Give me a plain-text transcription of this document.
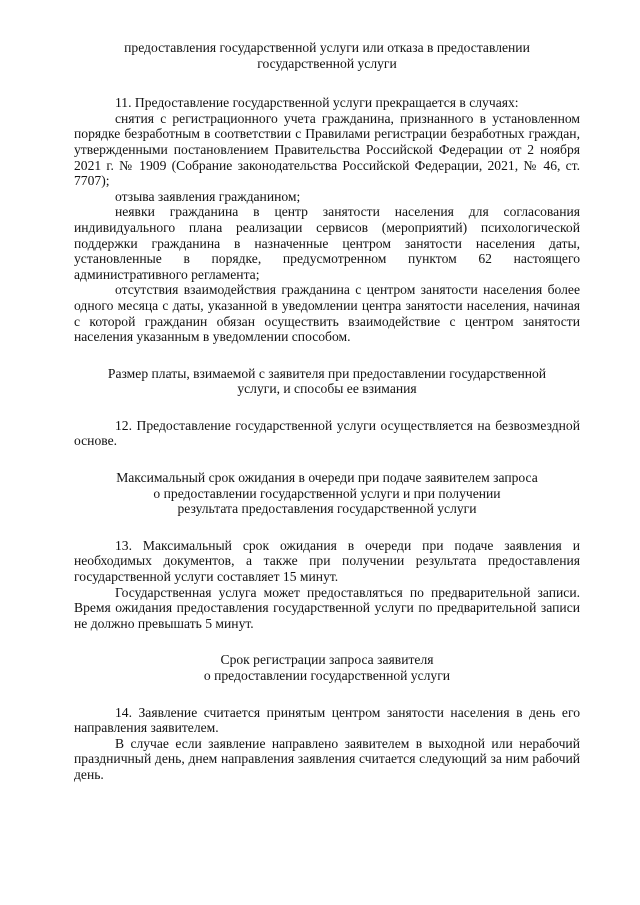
предоставления государственной услуги или отказа в предоставлении
государственной услуги

11. Предоставление государственной услуги прекращается в случаях:

снятия с регистрационного учета гражданина, признанного в установленном порядке безработным в соответствии с Правилами регистрации безработных граждан, утвержденными постановлением Правительства Российской Федерации от 2 ноября 2021 г. № 1909 (Собрание законодательства Российской Федерации, 2021, № 46, ст. 7707);

отзыва заявления гражданином;

неявки гражданина в центр занятости населения для согласования индивидуального плана реализации сервисов (мероприятий) психологической поддержки гражданина в назначенные центром занятости населения даты, установленные в порядке, предусмотренном пунктом 62 настоящего административного регламента;

отсутствия взаимодействия гражданина с центром занятости населения более одного месяца с даты, указанной в уведомлении центра занятости населения, начиная с которой гражданин обязан осуществить взаимодействие с центром занятости населения указанным в уведомлении способом.

Размер платы, взимаемой с заявителя при предоставлении государственной
услуги, и способы ее взимания

12. Предоставление государственной услуги осуществляется на безвозмездной основе.

Максимальный срок ожидания в очереди при подаче заявителем запроса
о предоставлении государственной услуги и при получении
результата предоставления государственной услуги

13. Максимальный срок ожидания в очереди при подаче заявления и необходимых документов, а также при получении результата предоставления государственной услуги составляет 15 минут.

Государственная услуга может предоставляться по предварительной записи. Время ожидания предоставления государственной услуги по предварительной записи не должно превышать 5 минут.

Срок регистрации запроса заявителя
о предоставлении государственной услуги

14. Заявление считается принятым центром занятости населения в день его направления заявителем.

В случае если заявление направлено заявителем в выходной или нерабочий праздничный день, днем направления заявления считается следующий за ним рабочий день.
